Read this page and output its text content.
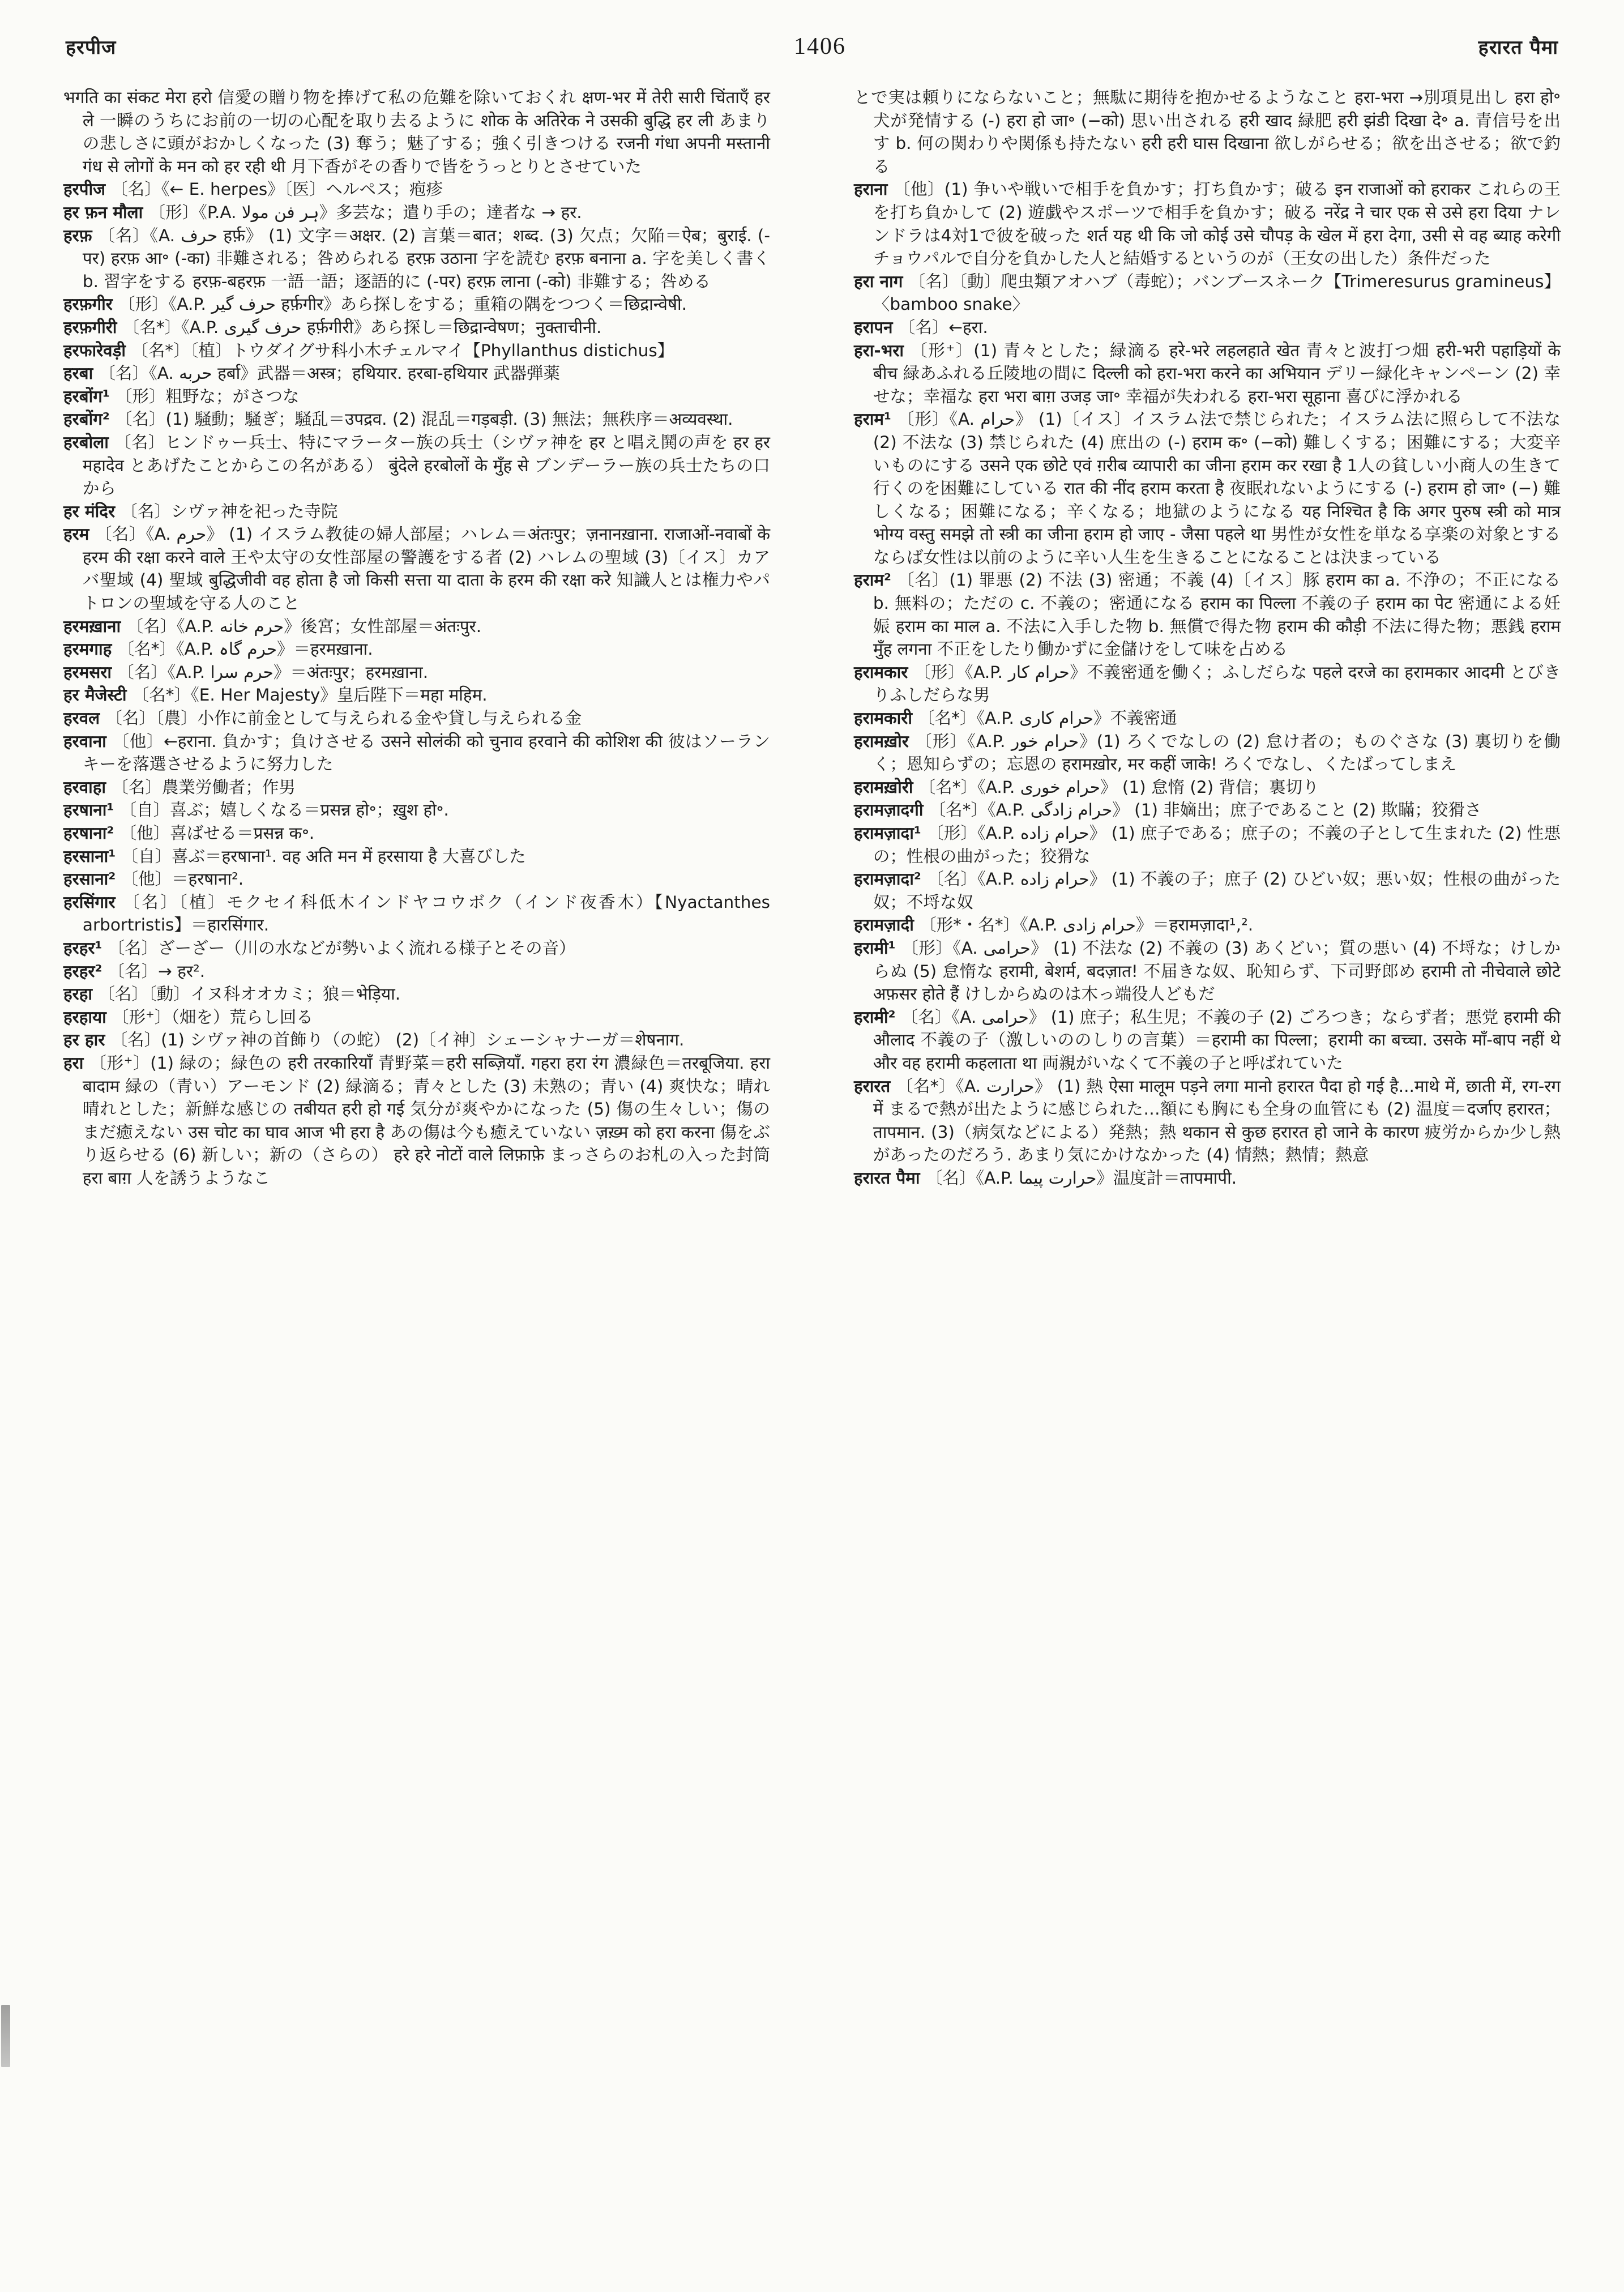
हरपीज	1406	हरारत पैमा

भगति का संकट मेरा हरो 信愛の贈り物を捧げて私の危難を除いておくれ क्षण-भर में तेरी सारी चिंताएँ हर ले 一瞬のうちにお前の一切の心配を取り去るように शोक के अतिरेक ने उसकी बुद्धि हर ली あまりの悲しさに頭がおかしくなった (3) 奪う；魅了する；強く引きつける रजनी गंधा अपनी मस्तानी गंध से लोगों के मन को हर रही थी 月下香がその香りで皆をうっとりとさせていた

हरपीज 〔名〕《← E. herpes》〔医〕ヘルペス；疱疹

हर फ़न मौला 〔形〕《P.A. ہر فن مولا》多芸な；遣り手の；達者な → हर.

हरफ़ 〔名〕《A. حرف हर्फ़》 (1) 文字＝अक्षर. (2) 言葉＝बात；शब्द. (3) 欠点；欠陥＝ऐब；बुराई. (-पर) हरफ़ आ॰ (-का) 非難される；咎められる हरफ़ उठाना 字を読む हरफ़ बनाना a. 字を美しく書く b. 習字をする हरफ़-बहरफ़ 一語一語；逐語的に (-पर) हरफ़ लाना (-को) 非難する；咎める

हरफ़गीर 〔形〕《A.P. حرف گیر हर्फ़गीर》あら探しをする；重箱の隅をつつく＝छिद्रान्वेषी.

हरफ़गीरी 〔名*〕《A.P. حرف گیری हर्फ़गीरी》あら探し＝छिद्रान्वेषण；नुक्ताचीनी.

हरफारेवड़ी 〔名*〕〔植〕トウダイグサ科小木チェルマイ【Phyllanthus distichus】

हरबा 〔名〕《A. حربه हर्बा》武器＝अस्त्र；हथियार. हरबा-हथियार 武器弾薬

हरबोंग¹ 〔形〕粗野な；がさつな

हरबोंग² 〔名〕(1) 騒動；騒ぎ；騒乱＝उपद्रव. (2) 混乱＝गड़बड़ी. (3) 無法；無秩序＝अव्यवस्था.

हरबोला 〔名〕ヒンドゥー兵士、特にマラーター族の兵士（シヴァ神を हर と唱え鬨の声を हर हर महादेव とあげたことからこの名がある） बुंदेले हरबोलों के मुँह से ブンデーラー族の兵士たちの口から

हर मंदिर 〔名〕シヴァ神を祀った寺院

हरम 〔名〕《A. حرم》 (1) イスラム教徒の婦人部屋；ハレム＝अंतःपुर；ज़नानख़ाना. राजाओं-नवाबों के हरम की रक्षा करने वाले 王や太守の女性部屋の警護をする者 (2) ハレムの聖域 (3)〔イス〕カアバ聖域 (4) 聖域 बुद्धिजीवी वह होता है जो किसी सत्ता या दाता के हरम की रक्षा करे 知識人とは権力やパトロンの聖域を守る人のこと

हरमख़ाना 〔名〕《A.P. حرم خانه》後宮；女性部屋＝अंतःपुर.

हरमगाह 〔名*〕《A.P. حرم گاہ》＝हरमख़ाना.

हरमसरा 〔名〕《A.P. حرم سرا》＝अंतःपुर；हरमख़ाना.

हर मैजेस्टी 〔名*〕《E. Her Majesty》皇后陛下＝महा महिम.

हरवल 〔名〕〔農〕小作に前金として与えられる金や貸し与えられる金

हरवाना 〔他〕←हराना. 負かす；負けさせる उसने सोलंकी को चुनाव हरवाने की कोशिश की 彼はソーランキーを落選させるように努力した

हरवाहा 〔名〕農業労働者；作男

हरषाना¹ 〔自〕喜ぶ；嬉しくなる＝प्रसन्न हो॰；ख़ुश हो॰.

हरषाना² 〔他〕喜ばせる＝प्रसन्न क॰.

हरसाना¹ 〔自〕喜ぶ＝हरषाना¹. वह अति मन में हरसाया है 大喜びした

हरसाना² 〔他〕＝हरषाना².

हरसिंगार 〔名〕〔植〕モクセイ科低木インドヤコウボク（インド夜香木）【Nyactanthes arbortristis】＝हारसिंगार.

हरहर¹ 〔名〕ざーざー（川の水などが勢いよく流れる様子とその音）

हरहर² 〔名〕→ हर².

हरहा 〔名〕〔動〕イヌ科オオカミ；狼＝भेड़िया.

हरहाया 〔形⁺〕（畑を）荒らし回る

हर हार 〔名〕(1) シヴァ神の首飾り（の蛇） (2)〔イ神〕シェーシャナーガ＝शेषनाग.

हरा 〔形⁺〕(1) 緑の；緑色の हरी तरकारियाँ 青野菜＝हरी सब्ज़ियाँ. गहरा हरा रंग 濃緑色＝तरबूजिया. हरा बादाम 緑の（青い）アーモンド (2) 緑滴る；青々とした (3) 未熟の；青い (4) 爽快な；晴れ晴れとした；新鮮な感じの तबीयत हरी हो गई 気分が爽やかになった (5) 傷の生々しい；傷のまだ癒えない उस चोट का घाव आज भी हरा है あの傷は今も癒えていない ज़ख़्म को हरा करना 傷をぶり返らせる (6) 新しい；新の（さらの） हरे हरे नोटों वाले लिफ़ाफ़े まっさらのお札の入った封筒 हरा बाग़ 人を誘うようなこ

とで実は頼りにならないこと；無駄に期待を抱かせるようなこと हरा-भरा →別項見出し हरा हो॰ 犬が発情する (-) हरा हो जा॰ (−को) 思い出される हरी खाद 緑肥 हरी झंडी दिखा दे॰ a. 青信号を出す b. 何の関わりや関係も持たない हरी हरी घास दिखाना 欲しがらせる；欲を出させる；欲で釣る

हराना 〔他〕(1) 争いや戦いで相手を負かす；打ち負かす；破る इन राजाओं को हराकर これらの王を打ち負かして (2) 遊戯やスポーツで相手を負かす；破る नरेंद्र ने चार एक से उसे हरा दिया ナレンドラは4対1で彼を破った शर्त यह थी कि जो कोई उसे चौपड़ के खेल में हरा देगा, उसी से वह ब्याह करेगी チョウパルで自分を負かした人と結婚するというのが（王女の出した）条件だった

हरा नाग 〔名〕〔動〕爬虫類アオハブ（毒蛇）；バンブースネーク【Trimeresurus gramineus】〈bamboo snake〉

हरापन 〔名〕←हरा.

हरा-भरा 〔形⁺〕(1) 青々とした；緑滴る हरे-भरे लहलहाते खेत 青々と波打つ畑 हरी-भरी पहाड़ियों के बीच 緑あふれる丘陵地の間に दिल्ली को हरा-भरा करने का अभियान デリー緑化キャンペーン (2) 幸せな；幸福な हरा भरा बाग़ उजड़ जा॰ 幸福が失われる हरा-भरा सूहाना 喜びに浮かれる

हराम¹ 〔形〕《A. حرام》 (1)〔イス〕イスラム法で禁じられた；イスラム法に照らして不法な (2) 不法な (3) 禁じられた (4) 庶出の (-) हराम क॰ (−को) 難しくする；困難にする；大変辛いものにする उसने एक छोटे एवं ग़रीब व्यापारी का जीना हराम कर रखा है 1人の貧しい小商人の生きて行くのを困難にしている रात की नींद हराम करता है 夜眠れないようにする (-) हराम हो जा॰ (−) 難しくなる；困難になる；辛くなる；地獄のようになる यह निश्चित है कि अगर पुरुष स्त्री को मात्र भोग्य वस्तु समझे तो स्त्री का जीना हराम हो जाए - जैसा पहले था 男性が女性を単なる享楽の対象とするならば女性は以前のように辛い人生を生きることになることは決まっている

हराम² 〔名〕(1) 罪悪 (2) 不法 (3) 密通；不義 (4)〔イス〕豚 हराम का a. 不浄の；不正になる b. 無料の；ただの c. 不義の；密通になる हराम का पिल्ला 不義の子 हराम का पेट 密通による妊娠 हराम का माल a. 不法に入手した物 b. 無償で得た物 हराम की कौड़ी 不法に得た物；悪銭 हराम मुँह लगना 不正をしたり働かずに金儲けをして味を占める

हरामकार 〔形〕《A.P. حرام کار》不義密通を働く；ふしだらな पहले दरजे का हरामकार आदमी とびきりふしだらな男

हरामकारी 〔名*〕《A.P. حرام کاری》不義密通

हरामख़ोर 〔形〕《A.P. حرام خور》(1) ろくでなしの (2) 怠け者の；ものぐさな (3) 裏切りを働く；恩知らずの；忘恩の हरामख़ोर, मर कहीं जाके! ろくでなし、くたばってしまえ

हरामख़ोरी 〔名*〕《A.P. حرام خوری》 (1) 怠惰 (2) 背信；裏切り

हरामज़ादगी 〔名*〕《A.P. حرام زادگی》 (1) 非嫡出；庶子であること (2) 欺瞞；狡猾さ

हरामज़ादा¹ 〔形〕《A.P. حرام زاده》 (1) 庶子である；庶子の；不義の子として生まれた (2) 性悪の；性根の曲がった；狡猾な

हरामज़ादा² 〔名〕《A.P. حرام زاده》 (1) 不義の子；庶子 (2) ひどい奴；悪い奴；性根の曲がった奴；不埒な奴

हरामज़ादी 〔形*・名*〕《A.P. حرام زادی》＝हरामज़ादा¹,².

हरामी¹ 〔形〕《A. حرامی》 (1) 不法な (2) 不義の (3) あくどい；質の悪い (4) 不埒な；けしからぬ (5) 怠惰な हरामी, बेशर्म, बदज़ात! 不届きな奴、恥知らず、下司野郎め हरामी तो नीचेवाले छोटे अफ़सर होते हैं けしからぬのは木っ端役人どもだ

हरामी² 〔名〕《A. حرامی》 (1) 庶子；私生児；不義の子 (2) ごろつき；ならず者；悪党 हरामी की औलाद 不義の子（激しいののしりの言葉）＝हरामी का पिल्ला；हरामी का बच्चा. उसके माँ-बाप नहीं थे और वह हरामी कहलाता था 両親がいなくて不義の子と呼ばれていた

हरारत 〔名*〕《A. حرارت》 (1) 熱 ऐसा मालूम पड़ने लगा मानो हरारत पैदा हो गई है...माथे में, छाती में, रग-रग में まるで熱が出たように感じられた…額にも胸にも全身の血管にも (2) 温度＝दर्जाए हरारत；तापमान. (3)（病気などによる）発熱；熱 थकान से कुछ हरारत हो जाने के कारण 疲労からか少し熱があったのだろう. あまり気にかけなかった (4) 情熱；熱情；熱意

हरारत पैमा 〔名〕《A.P. حرارت پیما》温度計＝तापमापी.
